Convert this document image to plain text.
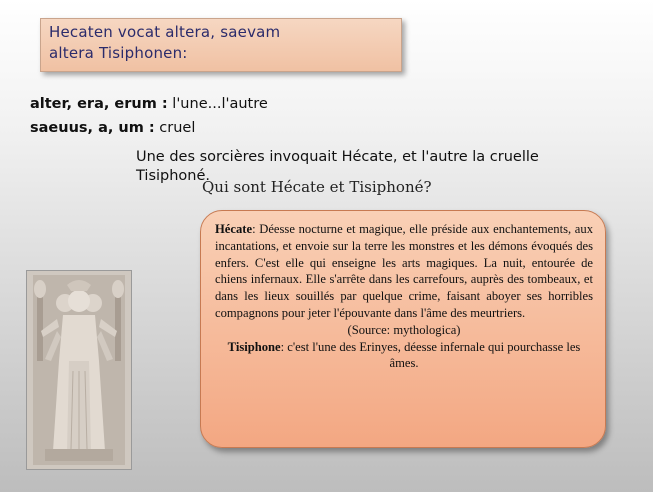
Hecaten vocat altera, saevam
altera Tisiphonen:
alter, era, erum : l'une...l'autre
saeuus, a, um : cruel
Une des sorcières invoquait Hécate, et l'autre la cruelle Tisiphoné.
Qui sont Hécate et Tisiphoné?
Hécate: Déesse nocturne et magique, elle préside aux enchantements, aux incantations, et envoie sur la terre les monstres et les démons évoqués des enfers. C'est elle qui enseigne les arts magiques. La nuit, entourée de chiens infernaux. Elle s'arrête dans les carrefours, auprès des tombeaux, et dans les lieux souillés par quelque crime, faisant aboyer ses horribles compagnons pour jeter l'épouvante dans l'âme des meurtriers.
(Source: mythologica)
Tisiphone: c'est l'une des Erinyes, déesse infernale qui pourchasse les âmes.
